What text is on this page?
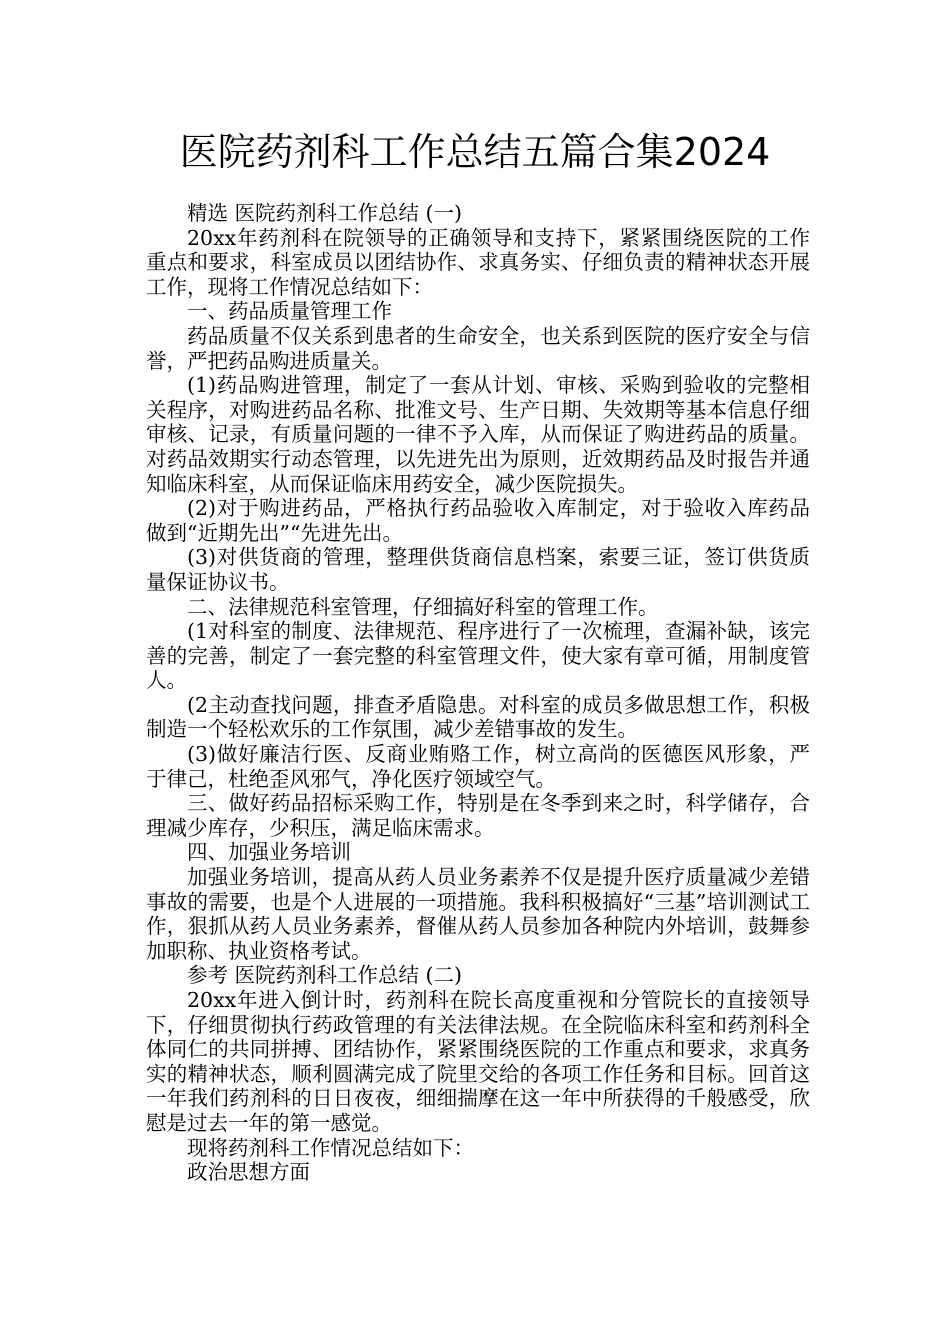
医院药剂科工作总结五篇合集2024

精选 医院药剂科工作总结 (一)

20xx年药剂科在院领导的正确领导和支持下，紧紧围绕医院的工作重点和要求，科室成员以团结协作、求真务实、仔细负责的精神状态开展工作，现将工作情况总结如下：

一、药品质量管理工作

药品质量不仅关系到患者的生命安全，也关系到医院的医疗安全与信誉，严把药品购进质量关。

(1)药品购进管理，制定了一套从计划、审核、采购到验收的完整相关程序，对购进药品名称、批准文号、生产日期、失效期等基本信息仔细审核、记录，有质量问题的一律不予入库，从而保证了购进药品的质量。对药品效期实行动态管理，以先进先出为原则，近效期药品及时报告并通知临床科室，从而保证临床用药安全，减少医院损失。

(2)对于购进药品，严格执行药品验收入库制定，对于验收入库药品做到“近期先出”“先进先出。

(3)对供货商的管理，整理供货商信息档案，索要三证，签订供货质量保证协议书。

二、法律规范科室管理，仔细搞好科室的管理工作。

(1对科室的制度、法律规范、程序进行了一次梳理，查漏补缺，该完善的完善，制定了一套完整的科室管理文件，使大家有章可循，用制度管人。

(2主动查找问题，排查矛盾隐患。对科室的成员多做思想工作，积极制造一个轻松欢乐的工作氛围，减少差错事故的发生。

(3)做好廉洁行医、反商业贿赂工作，树立高尚的医德医风形象，严于律己，杜绝歪风邪气，净化医疗领域空气。

三、做好药品招标采购工作，特别是在冬季到来之时，科学储存，合理减少库存，少积压，满足临床需求。

四、加强业务培训

加强业务培训，提高从药人员业务素养不仅是提升医疗质量减少差错事故的需要，也是个人进展的一项措施。我科积极搞好“三基”培训测试工作，狠抓从药人员业务素养，督催从药人员参加各种院内外培训，鼓舞参加职称、执业资格考试。

参考 医院药剂科工作总结 (二)

20xx年进入倒计时，药剂科在院长高度重视和分管院长的直接领导下，仔细贯彻执行药政管理的有关法律法规。在全院临床科室和药剂科全体同仁的共同拼搏、团结协作，紧紧围绕医院的工作重点和要求，求真务实的精神状态，顺利圆满完成了院里交给的各项工作任务和目标。回首这一年我们药剂科的日日夜夜，细细揣摩在这一年中所获得的千般感受，欣慰是过去一年的第一感觉。

现将药剂科工作情况总结如下：

政治思想方面
